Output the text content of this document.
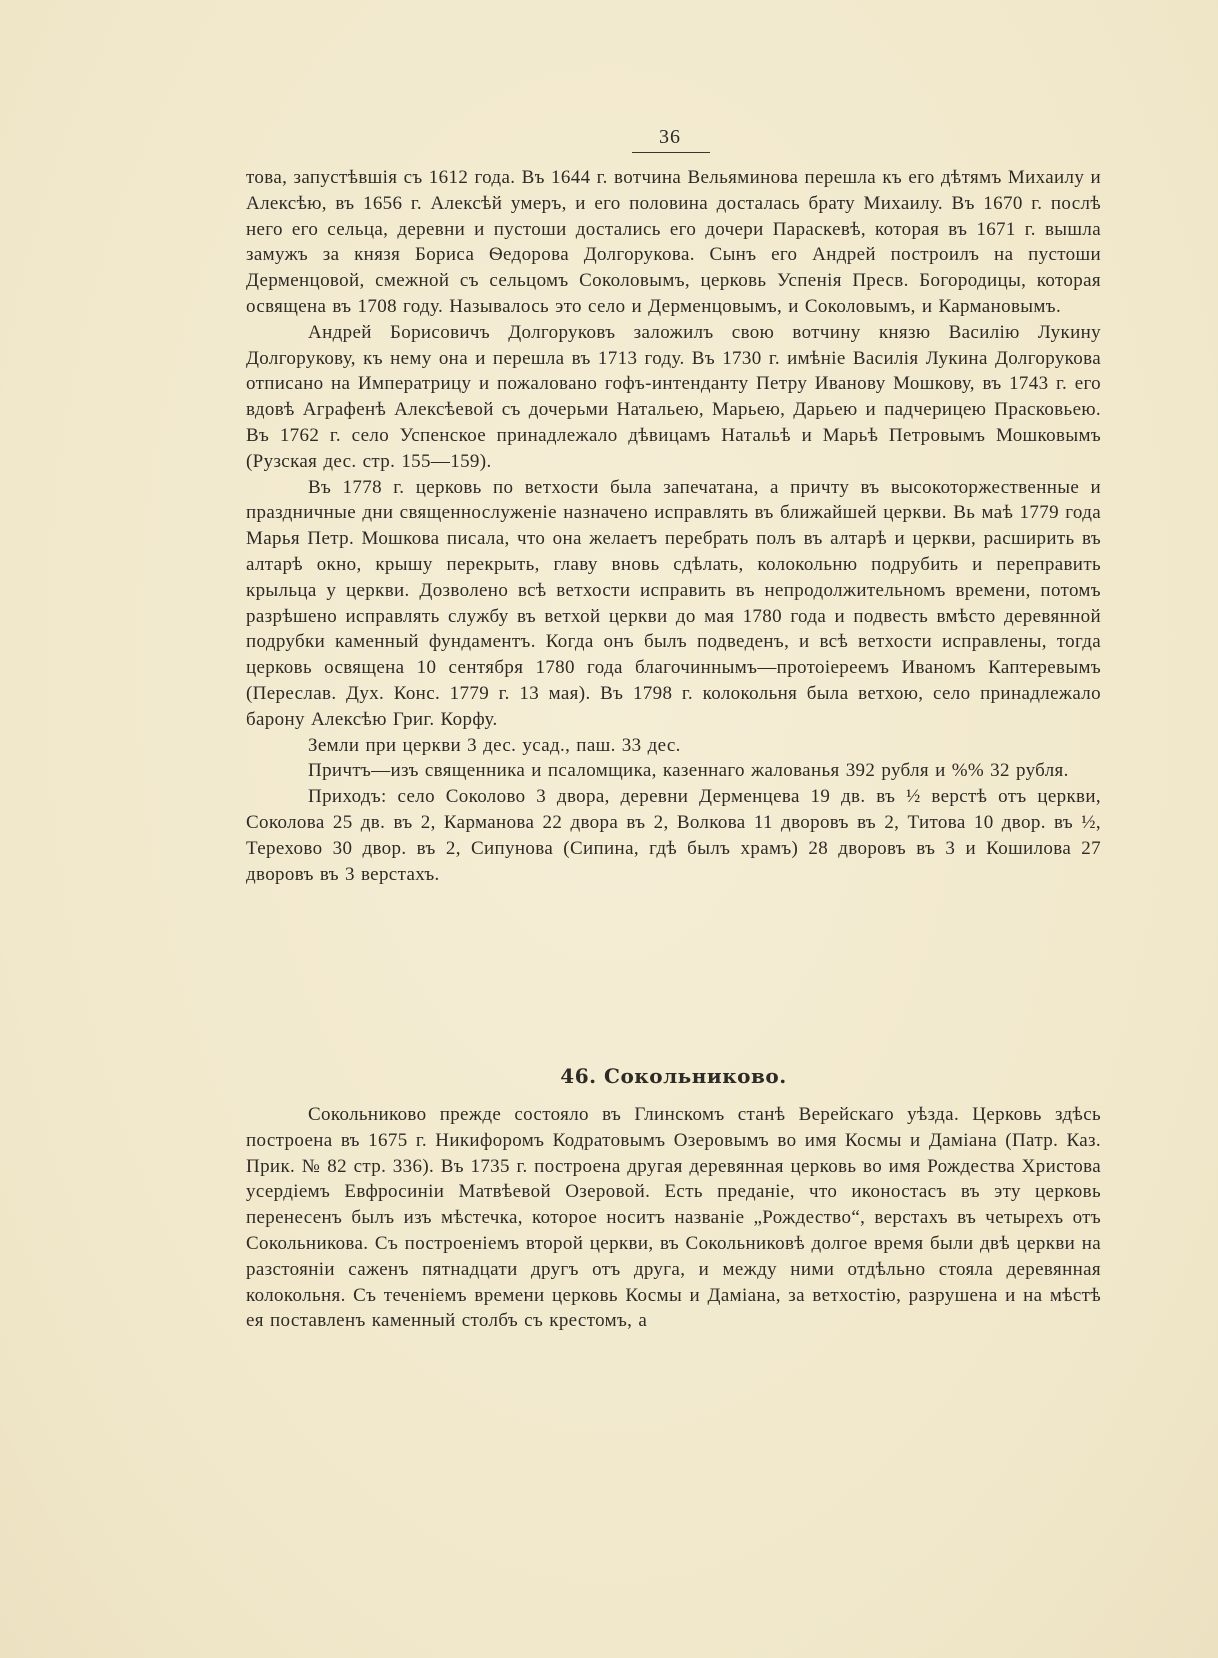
36

това, запустѣвшія съ 1612 года. Въ 1644 г. вотчина Вельяминова перешла къ его дѣтямъ Михаилу и Алексѣю, въ 1656 г. Алексѣй умеръ, и его половина досталась брату Михаилу. Въ 1670 г. послѣ него его сельца, деревни и пустоши достались его дочери Параскевѣ, которая въ 1671 г. вышла замужъ за князя Бориса Ѳедорова Долгорукова. Сынъ его Андрей построилъ на пустоши Дерменцовой, смежной съ сельцомъ Соколовымъ, церковь Успенія Пресв. Богородицы, которая освящена въ 1708 году. Называлось это село и Дерменцовымъ, и Соколовымъ, и Кармановымъ.

Андрей Борисовичъ Долгоруковъ заложилъ свою вотчину князю Василію Лукину Долгорукову, къ нему она и перешла въ 1713 году. Въ 1730 г. имѣніе Василія Лукина Долгорукова отписано на Императрицу и пожаловано гофъ-интенданту Петру Иванову Мошкову, въ 1743 г. его вдовѣ Аграфенѣ Алексѣевой съ дочерьми Натальею, Марьею, Дарьею и падчерицею Прасковьею. Въ 1762 г. село Успенское принадлежало дѣвицамъ Натальѣ и Марьѣ Петровымъ Мошковымъ (Рузская дес. стр. 155—159).

Въ 1778 г. церковь по ветхости была запечатана, а причту въ высокоторжественные и праздничные дни священнослуженіе назначено исправлять въ ближайшей церкви. Вь маѣ 1779 года Марья Петр. Мошкова писала, что она желаетъ перебрать полъ въ алтарѣ и церкви, расширить въ алтарѣ окно, крышу перекрыть, главу вновь сдѣлать, колокольню подрубить и переправить крыльца у церкви. Дозволено всѣ ветхости исправить въ непродолжительномъ времени, потомъ разрѣшено исправлять службу въ ветхой церкви до мая 1780 года и подвесть вмѣсто деревянной подрубки каменный фундаментъ. Когда онъ былъ подведенъ, и всѣ ветхости исправлены, тогда церковь освящена 10 сентября 1780 года благочиннымъ—протоіереемъ Иваномъ Каптеревымъ (Переслав. Дух. Конс. 1779 г. 13 мая). Въ 1798 г. колокольня была ветхою, село принадлежало барону Алексѣю Григ. Корфу.

Земли при церкви 3 дес. усад., паш. 33 дес.

Причтъ—изъ священника и псаломщика, казеннаго жалованья 392 рубля и %% 32 рубля.

Приходъ: село Соколово 3 двора, деревни Дерменцева 19 дв. въ ½ верстѣ отъ церкви, Соколова 25 дв. въ 2, Карманова 22 двора въ 2, Волкова 11 дворовъ въ 2, Титова 10 двор. въ ½, Терехово 30 двор. въ 2, Сипунова (Сипина, гдѣ былъ храмъ) 28 дворовъ въ 3 и Кошилова 27 дворовъ въ 3 верстахъ.

46. Сокольниково.

Сокольниково прежде состояло въ Глинскомъ станѣ Верейскаго уѣзда. Церковь здѣсь построена въ 1675 г. Никифоромъ Кодратовымъ Озеровымъ во имя Космы и Даміана (Патр. Каз. Прик. № 82 стр. 336). Въ 1735 г. построена другая деревянная церковь во имя Рождества Христова усердіемъ Евфросиніи Матвѣевой Озеровой. Есть преданіе, что иконостасъ въ эту церковь перенесенъ былъ изъ мѣстечка, которое носитъ названіе „Рождество“, верстахъ въ четырехъ отъ Сокольникова. Съ построеніемъ второй церкви, въ Сокольниковѣ долгое время были двѣ церкви на разстояніи саженъ пятнадцати другъ отъ друга, и между ними отдѣльно стояла деревянная колокольня. Съ теченіемъ времени церковь Космы и Даміана, за ветхостію, разрушена и на мѣстѣ ея поставленъ каменный столбъ съ крестомъ, а
